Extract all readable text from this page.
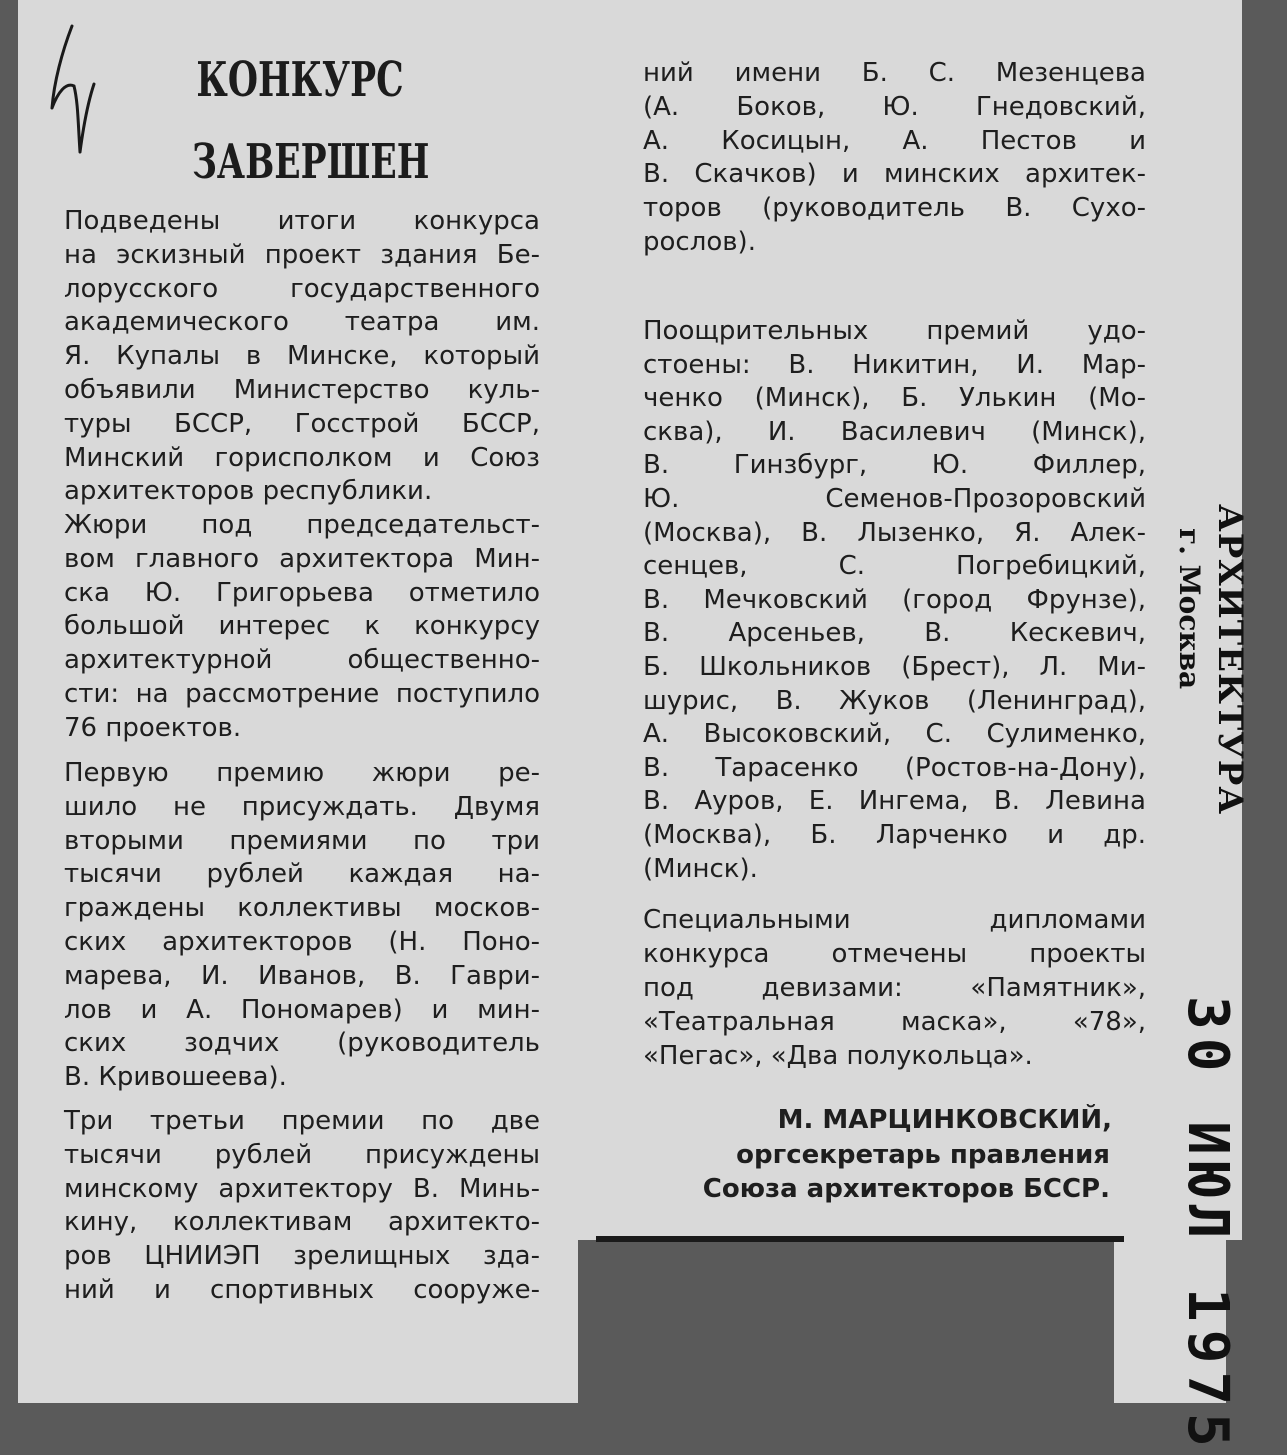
КОНКУРС
ЗАВЕРШЕН
Подведены итоги конкурса
на эскизный проект здания Бе-
лорусского государственного
академического театра им.
Я. Купалы в Минске, который
объявили Министерство куль-
туры БССР, Госстрой БССР,
Минский горисполком и Союз
архитекторов республики.
Жюри под председательст-
вом главного архитектора Мин-
ска Ю. Григорьева отметило
большой интерес к конкурсу
архитектурной общественно-
сти: на рассмотрение поступило
76 проектов.
Первую премию жюри ре-
шило не присуждать. Двумя
вторыми премиями по три
тысячи рублей каждая на-
граждены коллективы москов-
ских архитекторов (Н. Поно-
марева, И. Иванов, В. Гаври-
лов и А. Пономарев) и мин-
ских зодчих (руководитель
В. Кривошеева).
Три третьи премии по две
тысячи рублей присуждены
минскому архитектору В. Минь-
кину, коллективам архитекто-
ров ЦНИИЭП зрелищных зда-
ний и спортивных сооруже-
ний имени Б. С. Мезенцева
(А. Боков, Ю. Гнедовский,
А. Косицын, А. Пестов и
В. Скачков) и минских архитек-
торов (руководитель В. Сухо-
рослов).
Поощрительных премий удо-
стоены: В. Никитин, И. Мар-
ченко (Минск), Б. Улькин (Мо-
сква), И. Василевич (Минск),
В. Гинзбург, Ю. Филлер,
Ю. Семенов-Прозоровский
(Москва), В. Лызенко, Я. Алек-
сенцев, С. Погребицкий,
В. Мечковский (город Фрунзе),
В. Арсеньев, В. Кескевич,
Б. Школьников (Брест), Л. Ми-
шурис, В. Жуков (Ленинград),
А. Высоковский, С. Сулименко,
В. Тарасенко (Ростов-на-Дону),
В. Ауров, Е. Ингема, В. Левина
(Москва), Б. Ларченко и др.
(Минск).
Специальными дипломами
конкурса отмечены проекты
под девизами: «Памятник»,
«Театральная маска», «78»,
«Пегас», «Два полукольца».
М. МАРЦИНКОВСКИЙ,
оргсекретарь правления
Союза архитекторов БССР.
АРХИТЕКТУРА
г. Москва
30 ИЮЛ 1975
